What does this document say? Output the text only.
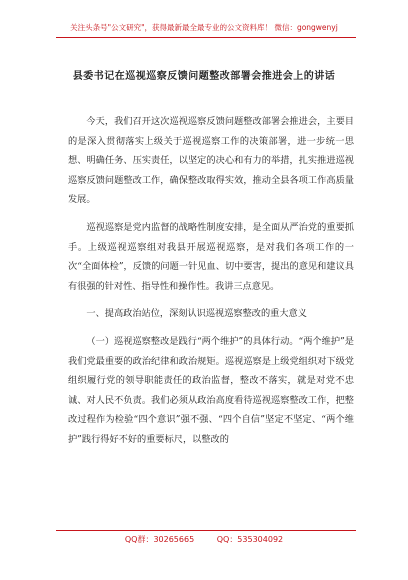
关注头条号"公文研究"，获得最新最全最专业的公文资料库！ 微信：gongwenyj
县委书记在巡视巡察反馈问题整改部署会推进会上的讲话

今天，我们召开这次巡视巡察反馈问题整改部署会推进会，主要目的是深入贯彻落实上级关于巡视巡察工作的决策部署，进一步统一思想、明确任务、压实责任，以坚定的决心和有力的举措，扎实推进巡视巡察反馈问题整改工作，确保整改取得实效，推动全县各项工作高质量发展。

巡视巡察是党内监督的战略性制度安排，是全面从严治党的重要抓手。上级巡视巡察组对我县开展巡视巡察，是对我们各项工作的一次“全面体检”，反馈的问题一针见血、切中要害，提出的意见和建议具有很强的针对性、指导性和操作性。我讲三点意见。

一、提高政治站位，深刻认识巡视巡察整改的重大意义

（一）巡视巡察整改是践行“两个维护”的具体行动。“两个维护”是我们党最重要的政治纪律和政治规矩。巡视巡察是上级党组织对下级党组织履行党的领导职能责任的政治监督，整改不落实，就是对党不忠诚、对人民不负责。我们必须从政治高度看待巡视巡察整改工作，把整改过程作为检验“四个意识”强不强、“四个自信”坚定不坚定、“两个维护”践行得好不好的重要标尺，以整改的

QQ群：30265665	QQ：535304092
